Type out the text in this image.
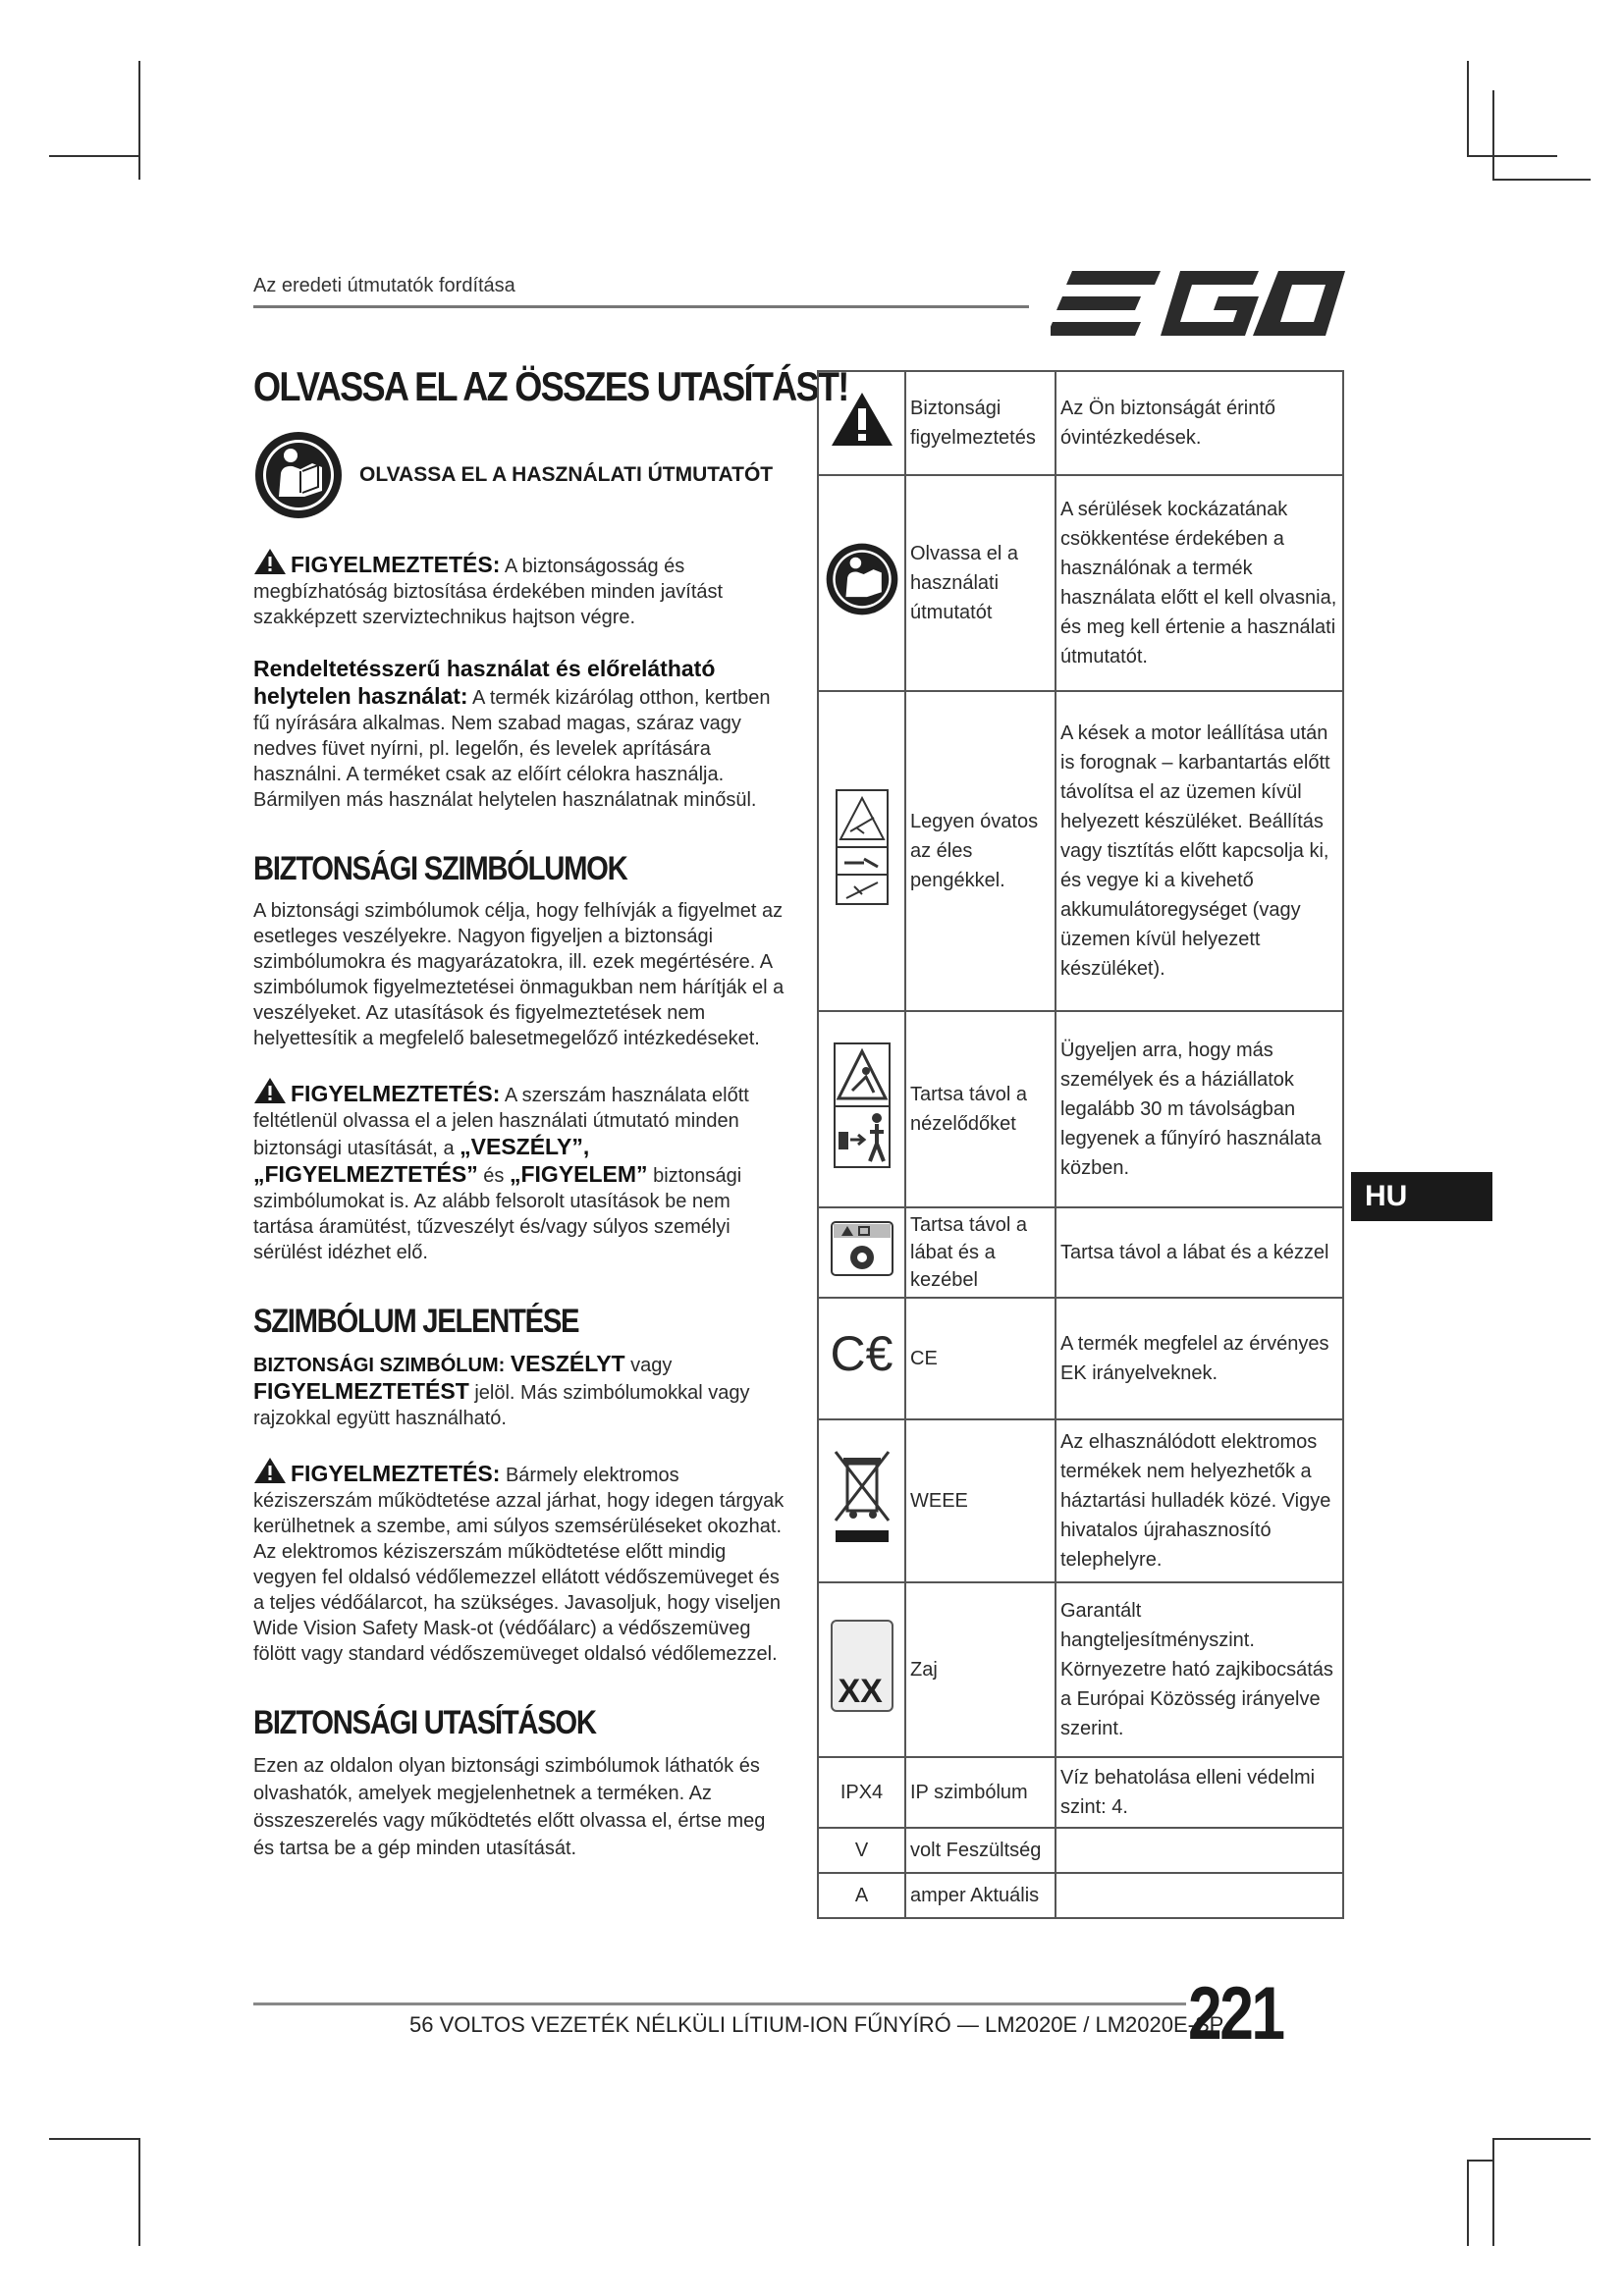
Az eredeti útmutatók fordítása
OLVASSA EL AZ ÖSSZES UTASÍTÁST!
OLVASSA EL A HASZNÁLATI ÚTMUTATÓT

FIGYELMEZTETÉS: A biztonságosság és megbízhatóság biztosítása érdekében minden javítást szakképzett szervizt​echnikus hajtson végre.

Rendeltetésszerű használat és előrelátható helytelen használat: A termék kizárólag otthon, kertben fű nyírására alkalmas. Nem szabad magas, száraz vagy nedves füvet nyírni, pl. legelőn, és levelek aprítására használni. A terméket csak az előírt célokra használja. Bármilyen más használat helytelen használatnak minősül.

BIZTONSÁGI SZIMBÓLUMOK

A biztonsági szimbólumok célja, hogy felhívják a figyelmet az esetleges veszélyekre. Nagyon figyeljen a biztonsági szimbólumokra és magyarázatokra, ill. ezek megértésére. A szimbólumok figyelmeztetései önmagukban nem hárítják el a veszélyeket. Az utasítások és figyelmeztetések nem helyettesítik a megfelelő balesetmegelőző intézkedéseket.

FIGYELMEZTETÉS: A szerszám használata előtt feltétlenül olvassa el a jelen használati útmutató minden biztonsági utasítását, a „VESZÉLY”, „FIGYELMEZTETÉS” és „FIGYELEM” biztonsági szimbólumokat is. Az alább felsorolt utasítások be nem tartása áramütést, tűzveszélyt és/vagy súlyos személyi sérülést idézhet elő.

SZIMBÓLUM JELENTÉSE

BIZTONSÁGI SZIMBÓLUM: VESZÉLYT vagy FIGYELMEZTETÉST jelöl. Más szimbólumokkal vagy rajzokkal együtt használható.

FIGYELMEZTETÉS: Bármely elektromos kéziszerszám működtetése azzal járhat, hogy idegen tárgyak kerülhetnek a szembe, ami súlyos szemsérüléseket okozhat. Az elektromos kéziszerszám működtetése előtt mindig vegyen fel oldalsó védőlemezzel ellátott védőszemüveget és a teljes védőálarcot, ha szükséges. Javasoljuk, hogy viseljen Wide Vision Safety Mask-ot (védőálarc) a védőszemüveg fölött vagy standard védőszemüveget oldalsó védőlemezzel.

BIZTONSÁGI UTASÍTÁSOK

Ezen az oldalon olyan biztonsági szimbólumok láthatók és olvashatók, amelyek megjelenhetnek a terméken. Az összeszerelés vagy működtetés előtt olvassa el, értse meg és tartsa be a gép minden utasítását.

	Biztonsági figyelmeztetés	Az Ön biztonságát érintő óvintézkedések.
	Olvassa el a használati útmutatót	A sérülések kockázatának csökkentése érdekében a használónak a termék használata előtt el kell olvasnia, és meg kell értenie a használati útmutatót.
	Legyen óvatos az éles pengékkel.	A kések a motor leállítása után is forognak – karbantartás előtt távolítsa el az üzemen kívül helyezett készüléket. Beállítás vagy tisztítás előtt kapcsolja ki, és vegye ki a kivehető akkumulátoregységet (vagy üzemen kívül helyezett készüléket).
	Tartsa távol a nézelődőket	Ügyeljen arra, hogy más személyek és a háziállatok legalább 30 m távolságban legyenek a fűnyíró használata közben.
	Tartsa távol a lábat és a kezébel	Tartsa távol a lábat és a kézzel
C€	CE	A termék megfelel az érvényes EK irányelveknek.
	WEEE	Az elhasználódott elektromos termékek nem helyezhetők a háztartási hulladék közé. Vigye hivatalos újrahasznosító telephelyre.

XX	Zaj	Garantált hangteljesítményszint. Környezetre ható zajkibocsátás a Európai Közösség irányelve szerint.
IPX4	IP szimbólum	Víz behatolása elleni védelmi szint: 4.
V	volt Feszültség	
A	amper Aktuális	
HU
56 VOLTOS VEZETÉK NÉLKÜLI LÍTIUM-ION FŰNYÍRÓ — LM2020E / LM2020E-SP
221
